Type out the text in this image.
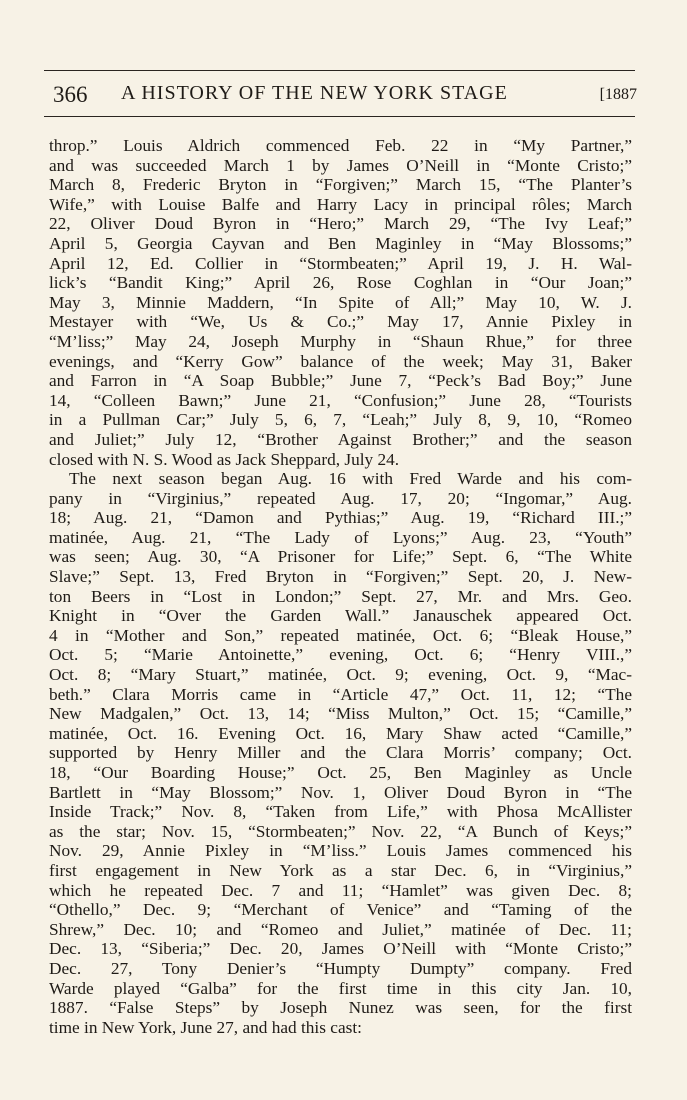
366 A HISTORY OF THE NEW YORK STAGE	[1887

throp.” Louis Aldrich commenced Feb. 22 in “My Partner,”

and was succeeded March 1 by James O’Neill in “Monte Cristo;”

March 8, Frederic Bryton in “Forgiven;” March 15, “The Planter’s

Wife,” with Louise Balfe and Harry Lacy in principal rôles; March

22, Oliver Doud Byron in “Hero;” March 29, “The Ivy Leaf;”

April 5, Georgia Cayvan and Ben Maginley in “May Blossoms;”

April 12, Ed. Collier in “Stormbeaten;” April 19, J. H. Wal-

lick’s “Bandit King;” April 26, Rose Coghlan in “Our Joan;”

May 3, Minnie Maddern, “In Spite of All;” May 10, W. J.

Mestayer with “We, Us & Co.;” May 17, Annie Pixley in

“M’liss;” May 24, Joseph Murphy in “Shaun Rhue,” for three

evenings, and “Kerry Gow” balance of the week; May 31, Baker

and Farron in “A Soap Bubble;” June 7, “Peck’s Bad Boy;” June

14, “Colleen Bawn;” June 21, “Confusion;” June 28, “Tourists

in a Pullman Car;” July 5, 6, 7, “Leah;” July 8, 9, 10, “Romeo

and Juliet;” July 12, “Brother Against Brother;” and the season

closed with N. S. Wood as Jack Sheppard, July 24.

The next season began Aug. 16 with Fred Warde and his com-

pany in “Virginius,” repeated Aug. 17, 20; “Ingomar,” Aug.

18; Aug. 21, “Damon and Pythias;” Aug. 19, “Richard III.;”

matinée, Aug. 21, “The Lady of Lyons;” Aug. 23, “Youth”

was seen; Aug. 30, “A Prisoner for Life;” Sept. 6, “The White

Slave;” Sept. 13, Fred Bryton in “Forgiven;” Sept. 20, J. New-

ton Beers in “Lost in London;” Sept. 27, Mr. and Mrs. Geo.

Knight in “Over the Garden Wall.” Janauschek appeared Oct.

4 in “Mother and Son,” repeated matinée, Oct. 6; “Bleak House,”

Oct. 5; “Marie Antoinette,” evening, Oct. 6; “Henry VIII.,”

Oct. 8; “Mary Stuart,” matinée, Oct. 9; evening, Oct. 9, “Mac-

beth.” Clara Morris came in “Article 47,” Oct. 11, 12; “The

New Madgalen,” Oct. 13, 14; “Miss Multon,” Oct. 15; “Camille,”

matinée, Oct. 16. Evening Oct. 16, Mary Shaw acted “Camille,”

supported by Henry Miller and the Clara Morris’ company; Oct.

18, “Our Boarding House;” Oct. 25, Ben Maginley as Uncle

Bartlett in “May Blossom;” Nov. 1, Oliver Doud Byron in “The

Inside Track;” Nov. 8, “Taken from Life,” with Phosa McAllister

as the star; Nov. 15, “Stormbeaten;” Nov. 22, “A Bunch of Keys;”

Nov. 29, Annie Pixley in “M’liss.” Louis James commenced his

first engagement in New York as a star Dec. 6, in “Virginius,”

which he repeated Dec. 7 and 11; “Hamlet” was given Dec. 8;

“Othello,” Dec. 9; “Merchant of Venice” and “Taming of the

Shrew,” Dec. 10; and “Romeo and Juliet,” matinée of Dec. 11;

Dec. 13, “Siberia;” Dec. 20, James O’Neill with “Monte Cristo;”

Dec. 27, Tony Denier’s “Humpty Dumpty” company. Fred

Warde played “Galba” for the first time in this city Jan. 10,

1887. “False Steps” by Joseph Nunez was seen, for the first

time in New York, June 27, and had this cast:
